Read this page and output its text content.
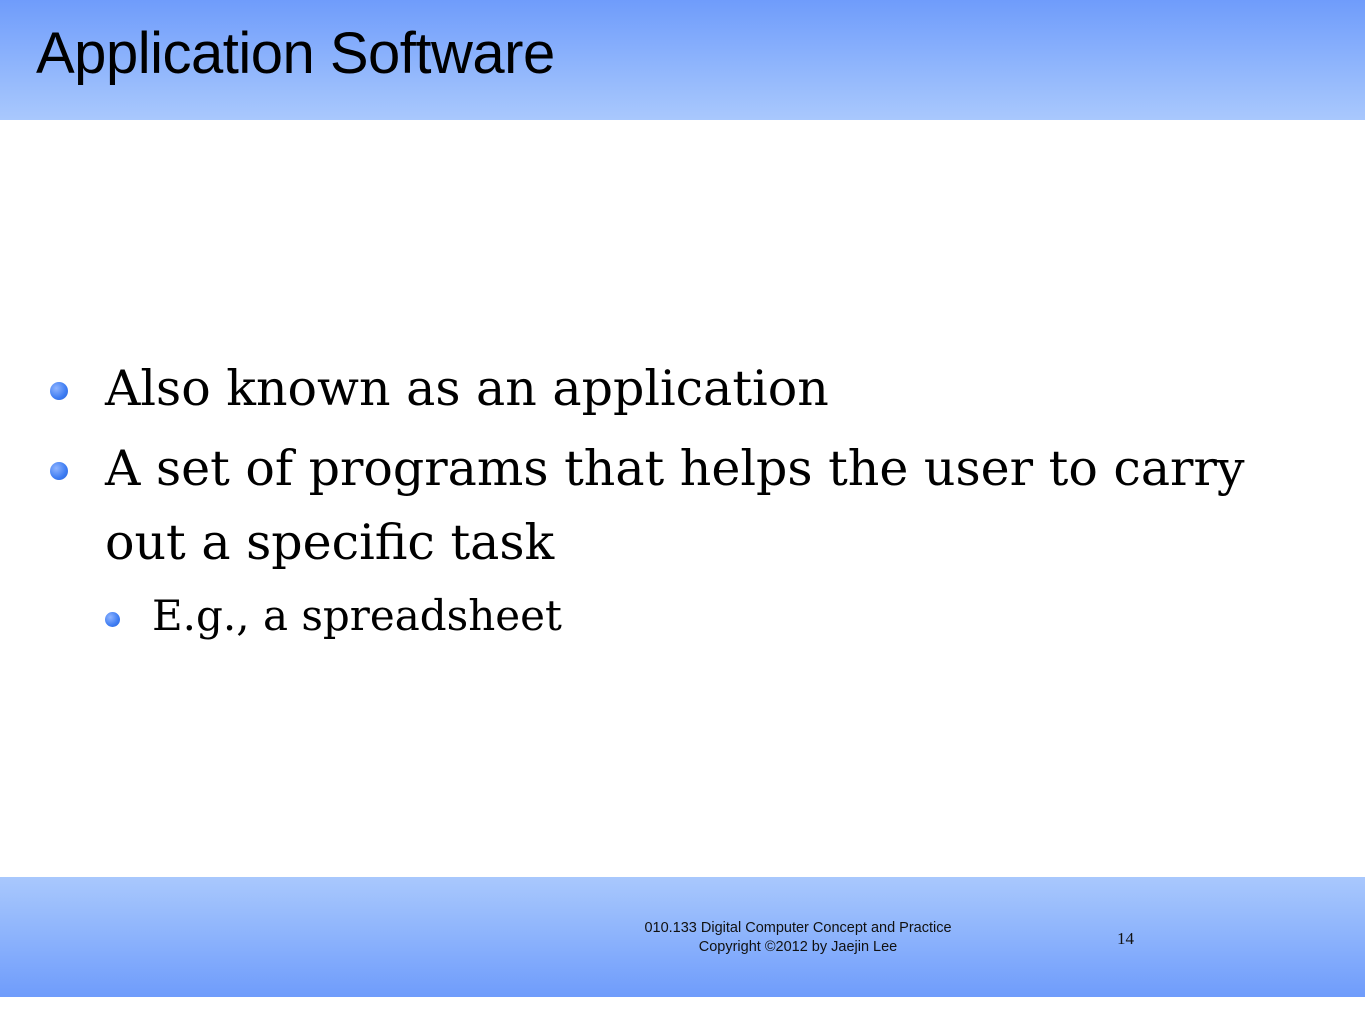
Application Software
Also known as an application
A set of programs that helps the user to carry out a specific task
E.g., a spreadsheet
010.133 Digital Computer Concept and Practice
Copyright ©2012 by Jaejin Lee	14
